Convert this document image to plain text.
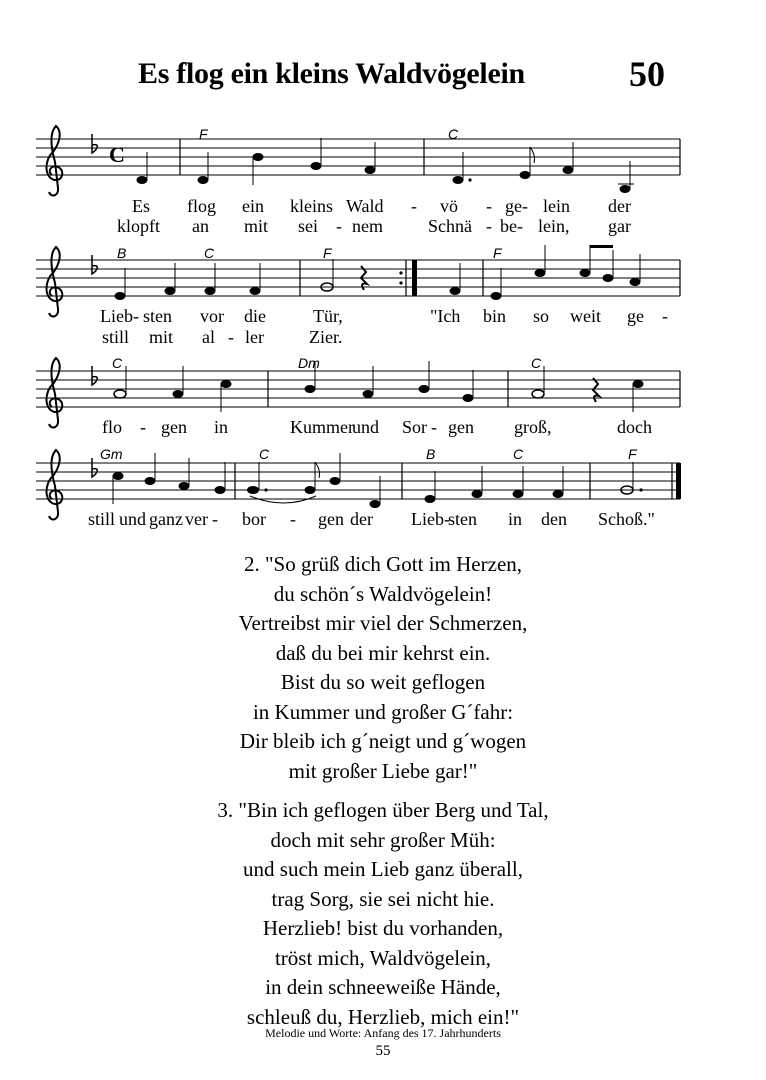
Es flog ein kleins Waldvögelein	50
C
F	C
B	C	F	F
C	Dm	C
Gm	C	B	C	F
Es flog ein kleins Wald - vö - ge- lein der
klopft an mit sei - nem	Schnä - be- lein, gar
Lieb- sten vor die	Tür,	"Ich bin so weit ge -
still mit al - ler	Zier.
flo - gen in	Kummer
und Sor - gen groß,	doch
still und ganz ver - bor - gen der Lieb-
sten in den Schoß."
2. "So grüß dich Gott im Herzen,
du schön´s Waldvögelein!
Vertreibst mir viel der Schmerzen,
daß du bei mir kehrst ein.
Bist du so weit geflogen
in Kummer und großer G´fahr:
Dir bleib ich g´neigt und g´wogen
mit großer Liebe gar!"
3. "Bin ich geflogen über Berg und Tal,
doch mit sehr großer Müh:
und such mein Lieb ganz überall,
trag Sorg, sie sei nicht hie.
Herzlieb! bist du vorhanden,
tröst mich, Waldvögelein,
in dein schneeweiße Hände,
schleuß du, Herzlieb, mich ein!"
Melodie und Worte: Anfang des 17. Jahrhunderts
55
